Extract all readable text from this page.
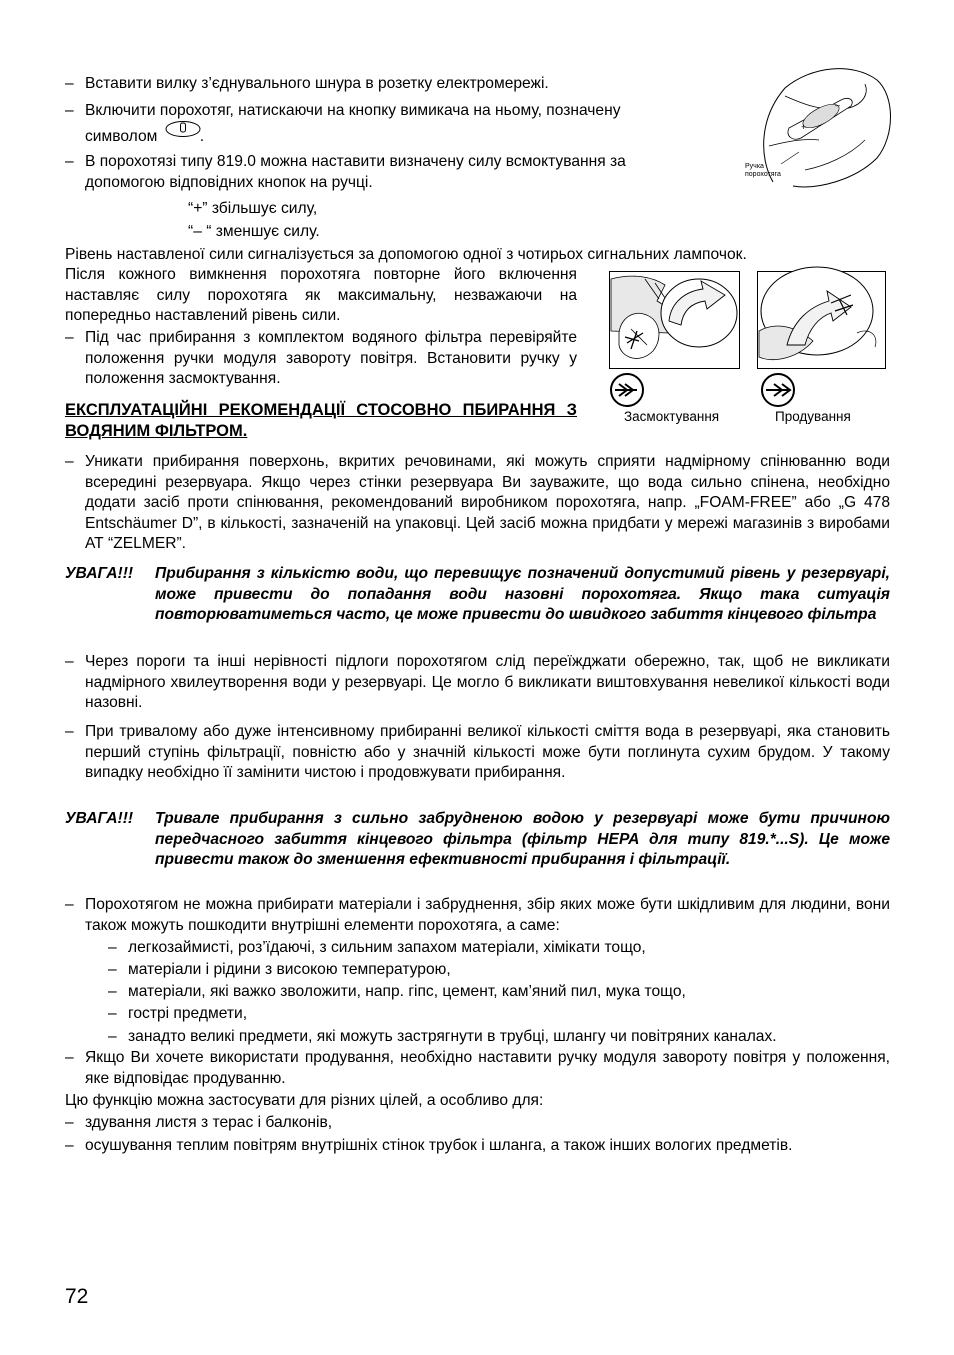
– Вставити вилку з’єднувального шнура в розетку електромережі.
– Включити порохотяг, натискаючи на кнопку вимикача на ньому, позначену
символом	.
– В порохотязі типу 819.0 можна наставити визначену силу всмоктування за
допомогою відповідних кнопок на ручці.
“+” збільшує силу,
“– “ зменшує силу.
Рівень наставленої сили сигналізується за допомогою одної з чотирьох сигнальних лампочок.
Після кожного вимкнення порохотяга повторне його включення наставляє силу порохотяга як максимальну, незважаючи на попередньо наставлений рівень сили.
– Під час прибирання з комплектом водяного фільтра перевіряйте положення ручки модуля завороту повітря. Встановити ручку у положення засмоктування.
ЕКСПЛУАТАЦІЙНІ РЕКОМЕНДАЦІЇ СТОСОВНО ПБИРАННЯ З ВОДЯНИМ ФІЛЬТРОМ.
+
–
Ручка порохотяга
Засмоктування	Продування
– Уникати прибирання поверхонь, вкритих речовинами, які можуть сприяти надмірному спінюванню води всередині резервуара. Якщо через стінки резервуара Ви зауважите, що вода сильно спінена, необхідно додати засіб проти спінювання, рекомендований виробником порохотяга, напр. „FOAM-FREE” або „G 478 Entschäumer D”, в кількості, зазначеній на упаковці. Цей засіб можна придбати у мережі магазинів з виробами АТ “ZELMER”.
УВАГА!!! Прибирання з кількістю води, що перевищує позначений допустимий рівень у резервуарі, може привести до попадання води назовні порохотяга. Якщо така ситуація повторюватиметься часто, це може привести до швидкого забиття кінцевого фільтра
– Через пороги та інші нерівності підлоги порохотягом слід переїжджати обережно, так, щоб не викликати надмірного хвилеутворення води у резервуарі. Це могло б викликати виштовхування невеликої кількості води назовні.
– При тривалому або дуже інтенсивному прибиранні великої кількості сміття вода в резервуарі, яка становить перший ступінь фільтрації, повністю або у значній кількості може бути поглинута сухим брудом. У такому випадку необхідно її замінити чистою і продовжувати прибирання.
УВАГА!!! Тривале прибирання з сильно забрудненою водою у резервуарі може бути причиною передчасного забиття кінцевого фільтра (фільтр HEPA для типу 819.*...S). Це може привести також до зменшення ефективності прибирання і фільтрації.
– Порохотягом не можна прибирати матеріали і забруднення, збір яких може бути шкідливим для людини, вони також можуть пошкодити внутрішні елементи порохотяга, а саме:
– легкозаймисті, роз’їдаючі, з сильним запахом матеріали, хімікати тощо,
– матеріали і рідини з високою температурою,
– матеріали, які важко зволожити, напр. гіпс, цемент, кам’яний пил, мука тощо,
– гострі предмети,
– занадто великі предмети, які можуть застрягнути в трубці, шлангу чи повітряних каналах.
– Якщо Ви хочете використати продування, необхідно наставити ручку модуля завороту повітря у положення, яке відповідає продуванню.
Цю функцію можна застосувати для різних цілей, а особливо для:
– здування листя з терас і балконів,
– осушування теплим повітрям внутрішніх стінок трубок і шланга, а також інших вологих предметів.
72
